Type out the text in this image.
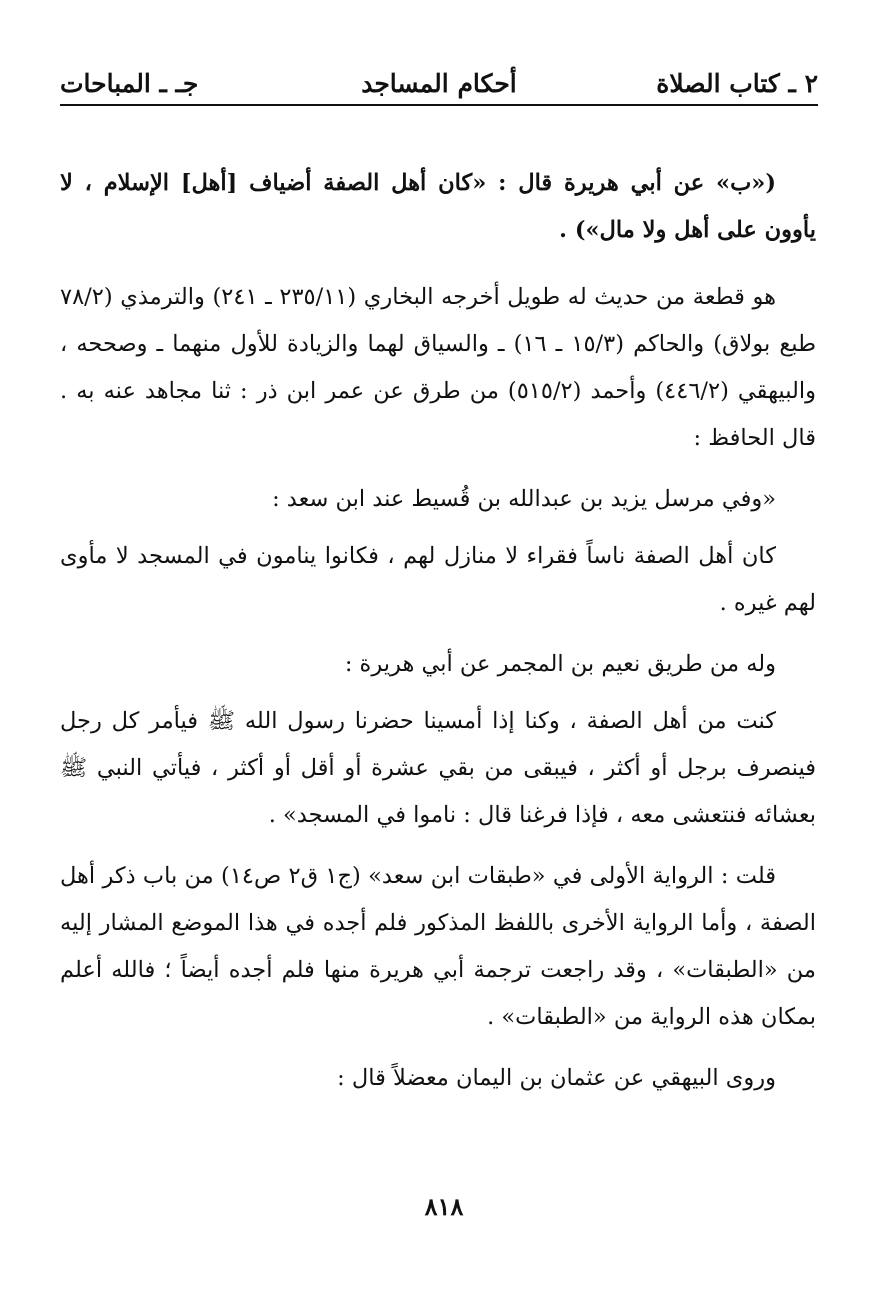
٢ ـ كتاب الصلاة
أحكام المساجد
جـ ـ المباحات

(«ب» عن أبي هريرة قال : «كان أهل الصفة أضياف [أهل] الإسلام ، لا يأوون على أهل ولا مال») .

هو قطعة من حديث له طويل أخرجه البخاري (٢٣٥/١١ ـ ٢٤١) والترمذي (٧٨/٢ طبع بولاق) والحاكم (١٥/٣ ـ ١٦) ـ والسياق لهما والزيادة للأول منهما ـ وصححه ، والبيهقي (٤٤٦/٢) وأحمد (٥١٥/٢) من طرق عن عمر ابن ذر : ثنا مجاهد عنه به . قال الحافظ :

«وفي مرسل يزيد بن عبدالله بن قُسيط عند ابن سعد :

كان أهل الصفة ناساً فقراء لا منازل لهم ، فكانوا ينامون في المسجد لا مأوى لهم غيره .

وله من طريق نعيم بن المجمر عن أبي هريرة :

كنت من أهل الصفة ، وكنا إذا أمسينا حضرنا رسول الله ﷺ فيأمر كل رجل فينصرف برجل أو أكثر ، فيبقى من بقي عشرة أو أقل أو أكثر ، فيأتي النبي ﷺ بعشائه فنتعشى معه ، فإذا فرغنا قال : ناموا في المسجد» .

قلت : الرواية الأولى في «طبقات ابن سعد» (ج١ ق٢ ص١٤) من باب ذكر أهل الصفة ، وأما الرواية الأخرى باللفظ المذكور فلم أجده في هذا الموضع المشار إليه من «الطبقات» ، وقد راجعت ترجمة أبي هريرة منها فلم أجده أيضاً ؛ فالله أعلم بمكان هذه الرواية من «الطبقات» .

وروى البيهقي عن عثمان بن اليمان معضلاً قال :

٨١٨
